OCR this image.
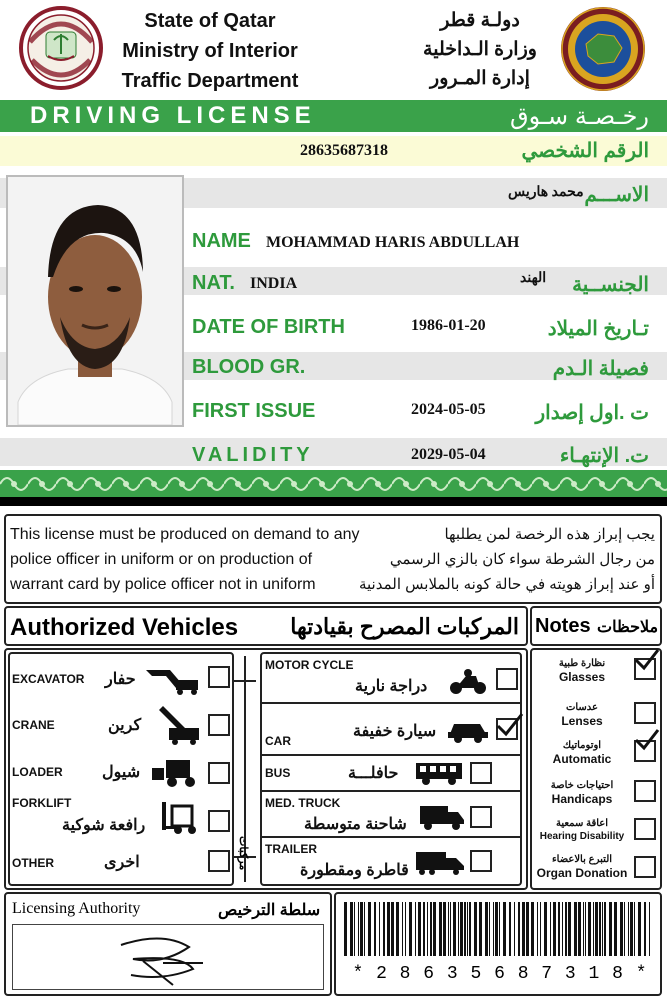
State of Qatar
Ministry of Interior
Traffic Department
دولـة قطر
وزارة الـداخلية
إدارة المـرور
DRIVING LICENSE	رخـصـة سـوق
28635687318	الرقم الشخصي
محمد هاريس الاســـم
NAME MOHAMMAD HARIS ABDULLAH
NAT. INDIA	الهند	الجنســية
DATE OF BIRTH	1986-01-20	تـاريخ الميلاد
BLOOD GR.	فصيلة الـدم
FIRST ISSUE	2024-05-05	ت .اول إصدار
VALIDITY	2029-05-04	ت. الإنتهـاء
This license must be produced on demand to any
police officer in uniform or on production of
warrant card by police officer not in uniform
يجب إبراز هذه الرخصة لمن يطلبها
من رجال الشرطة سواء كان بالزي الرسمي
أو عند إبراز هويته في حالة كونه بالملابس المدنية
Authorized Vehicles المركبات المصرح بقيادتها Notes ملاحظات
مركبات
EXCAVATOR حفار
CRANE	كرين
LOADER شيول
FORKLIFT
رافعة شوكية
OTHER	اخرى
MOTOR CYCLE
دراجة نارية
CAR
سيارة خفيفة
BUS	حافلـــة
MED. TRUCK
شاحنة متوسطة
TRAILER
قاطرة ومقطورة
نظارة طبية
Glasses
عدسات
Lenses
اوتوماتيك
Automatic
احتياجات خاصة
Handicaps
اعاقة سمعية
Hearing Disability
التبرع بالاعضاء
Organ Donation
Licensing Authority	سلطة الترخيص
* 2 8 6 3 5 6 8 7 3 1 8 *
